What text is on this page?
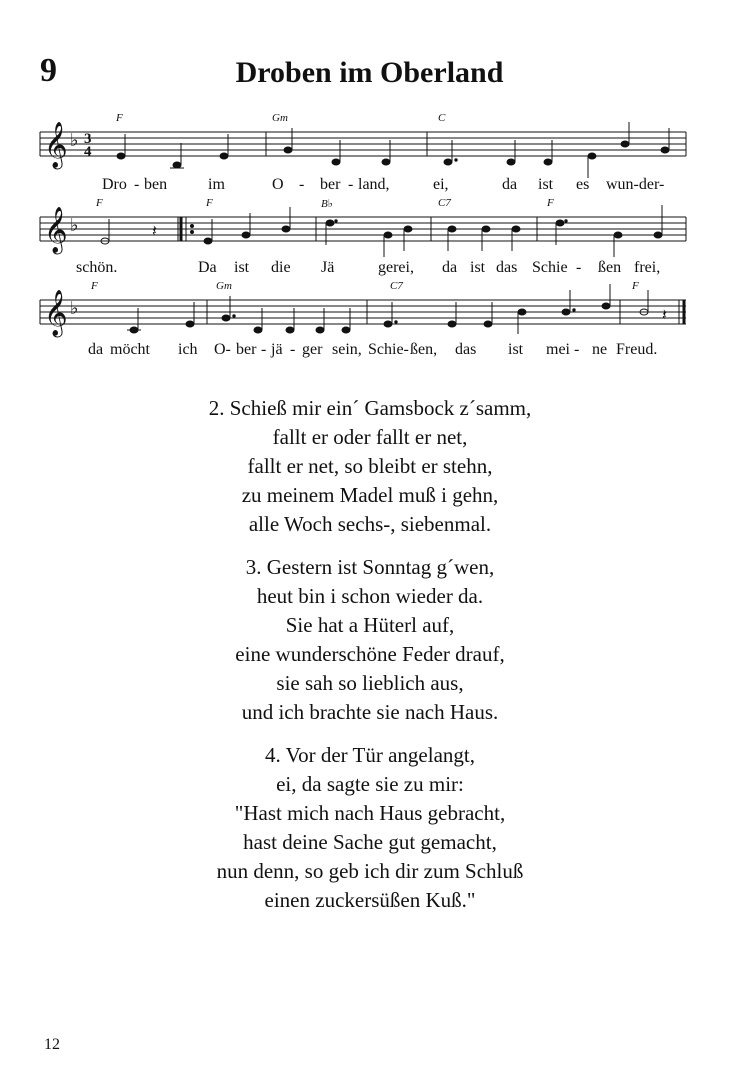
9	Droben im Oberland
𝄞
𝄞
𝄞
♭
♭
♭
3
4
𝄽
𝄽
F	Gm	C
F	F	B♭	C7	F
F	Gm	C7	F
Dro - ben	im	O - ber - land,	ei,	da ist es wun-der-
schön.	Da ist die Jä	gerei, da ist das Schie - ßen frei,
da möcht ich O- ber - jä - ger sein, Schie- ßen, das ist mei - ne Freud.
2. Schieß mir ein´ Gamsbock z´samm,
fallt er oder fallt er net,
fallt er net, so bleibt er stehn,
zu meinem Madel muß i gehn,
alle Woch sechs-, siebenmal.
3. Gestern ist Sonntag g´wen,
heut bin i schon wieder da.
Sie hat a Hüterl auf,
eine wunderschöne Feder drauf,
sie sah so lieblich aus,
und ich brachte sie nach Haus.
4. Vor der Tür angelangt,
ei, da sagte sie zu mir:
"Hast mich nach Haus gebracht,
hast deine Sache gut gemacht,
nun denn, so geb ich dir zum Schluß
einen zuckersüßen Kuß."
12
